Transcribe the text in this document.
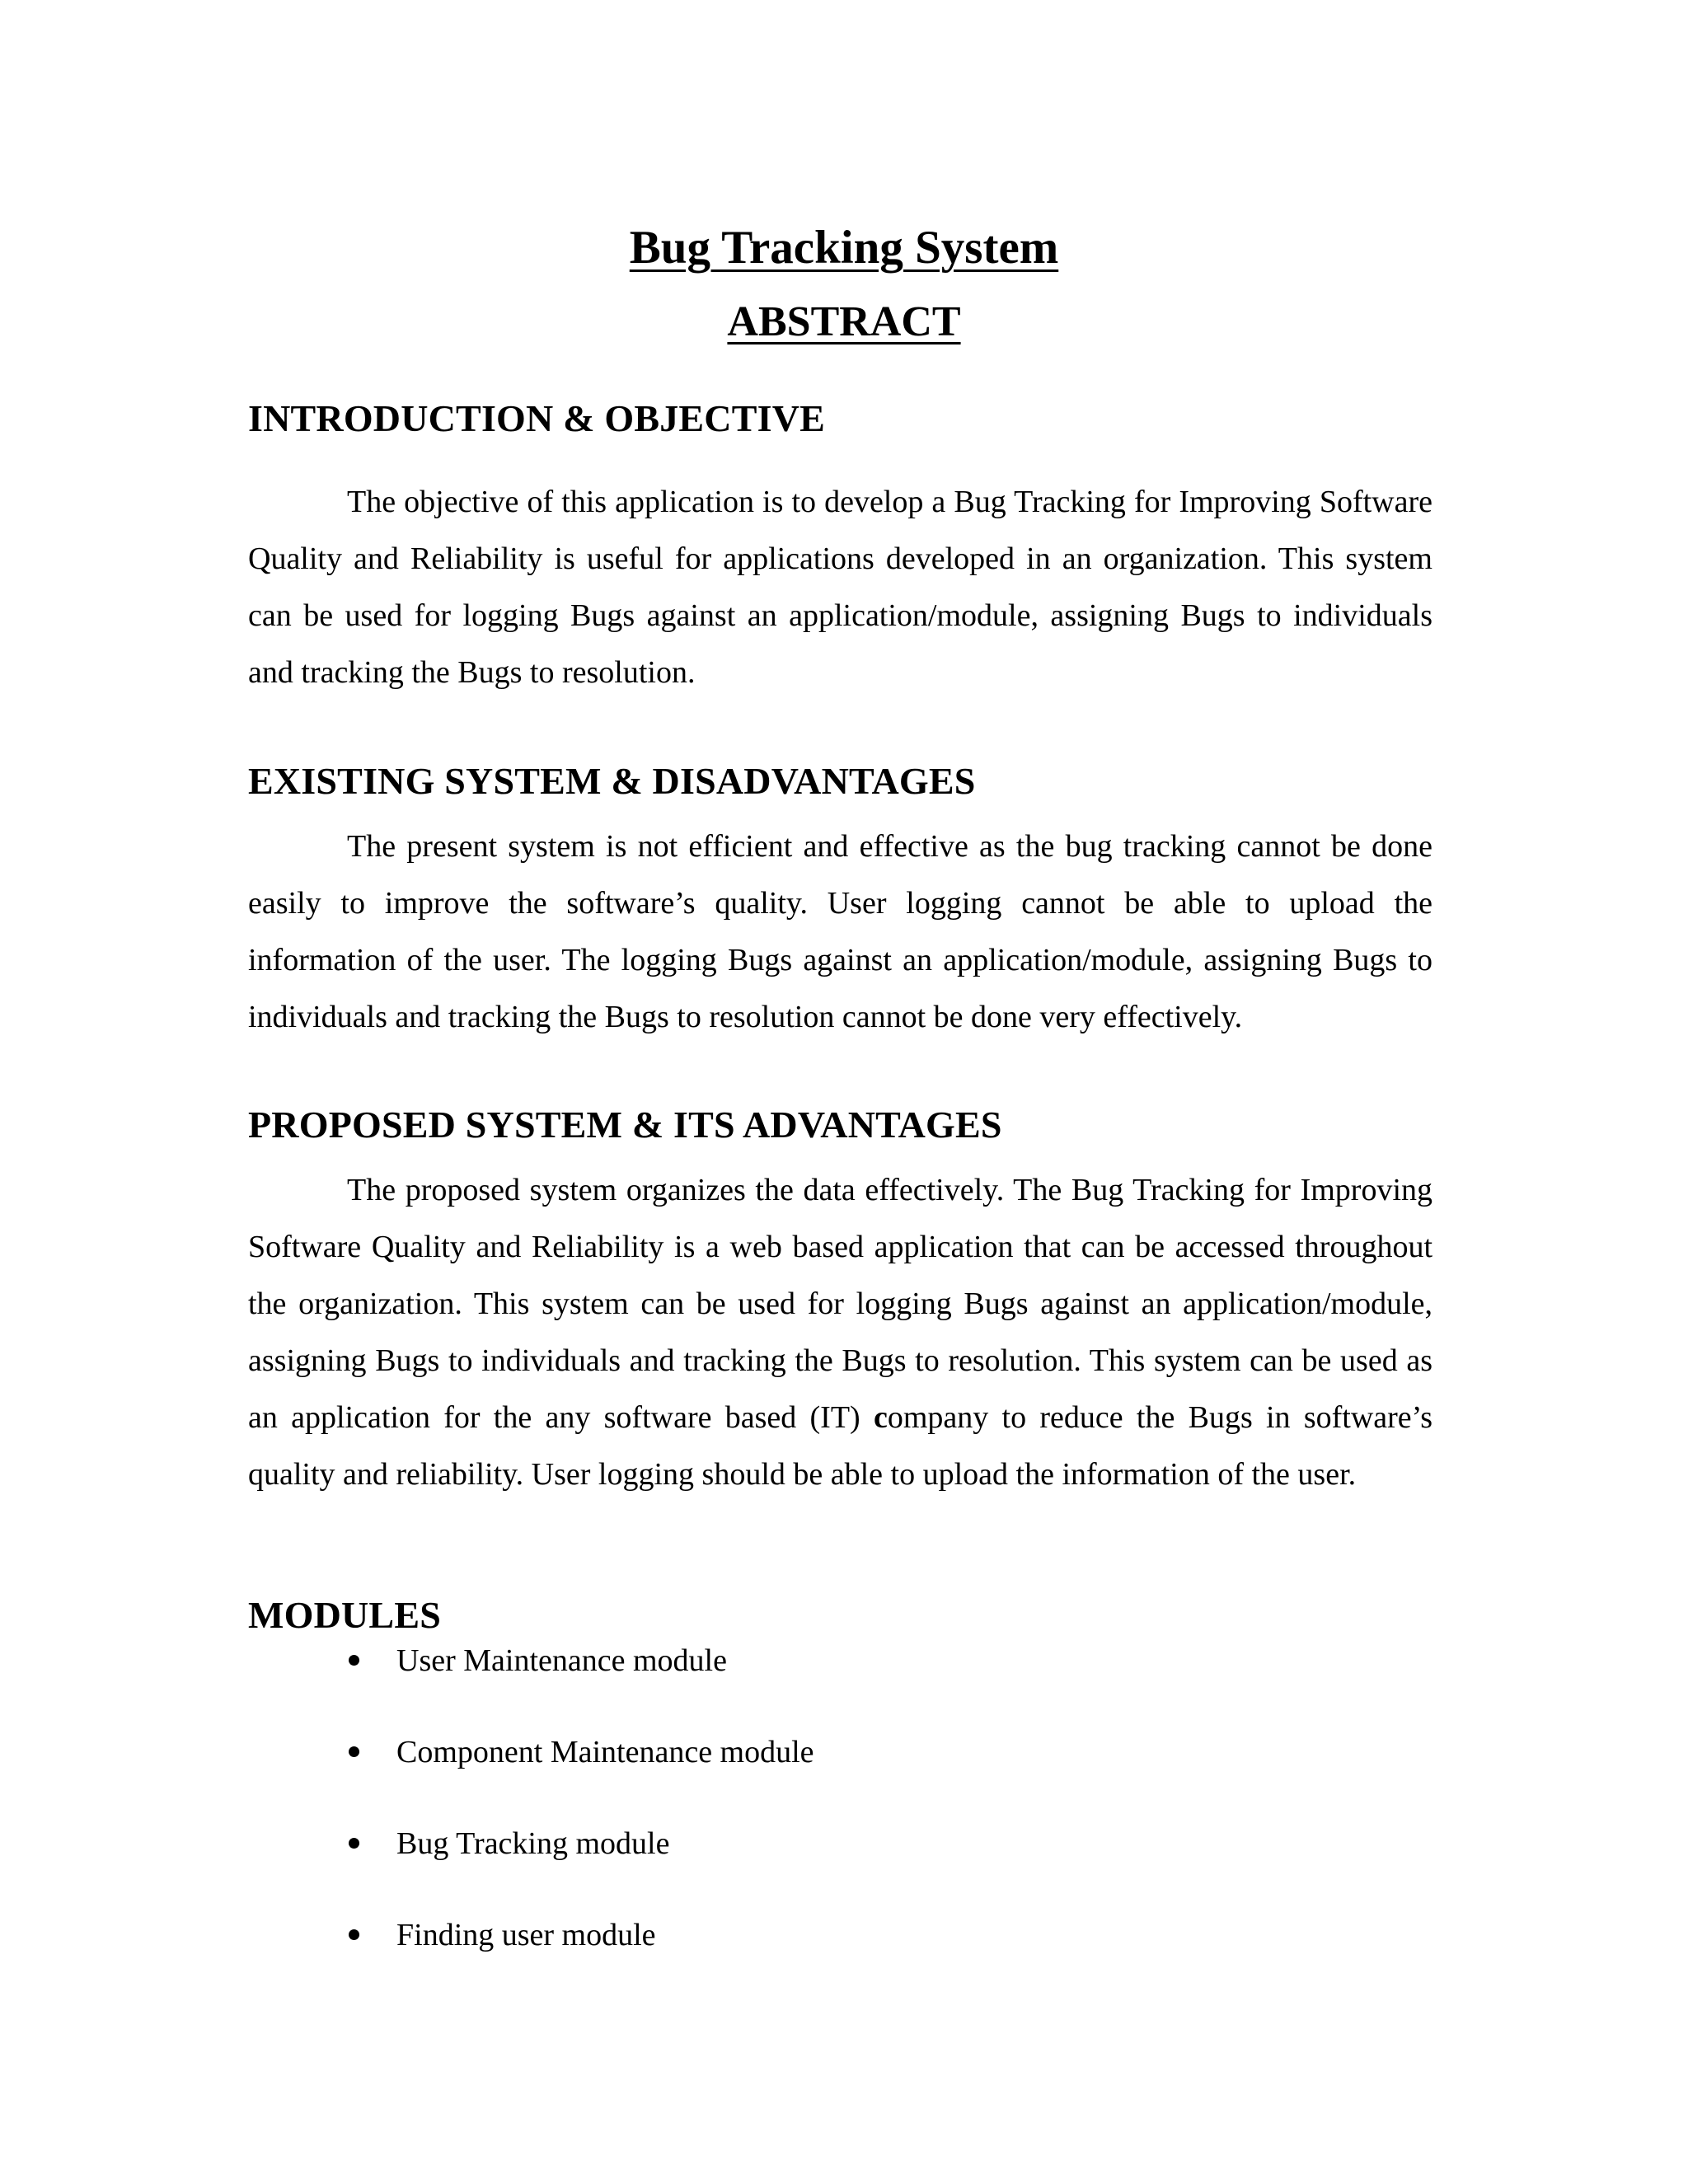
Bug Tracking System
ABSTRACT
INTRODUCTION & OBJECTIVE

The objective of this application is to develop a Bug Tracking for Improving Software Quality and Reliability is useful for applications developed in an organization. This system can be used for logging Bugs against an application/module, assigning Bugs to individuals and tracking the Bugs to resolution.

EXISTING SYSTEM & DISADVANTAGES

The present system is not efficient and effective as the bug tracking cannot be done easily to improve the software’s quality. User logging cannot be able to upload the information of the user. The logging Bugs against an application/module, assigning Bugs to individuals and tracking the Bugs to resolution cannot be done very effectively.

PROPOSED SYSTEM & ITS ADVANTAGES

The proposed system organizes the data effectively. The Bug Tracking for Improving Software Quality and Reliability is a web based application that can be accessed throughout the organization. This system can be used for logging Bugs against an application/module, assigning Bugs to individuals and tracking the Bugs to resolution. This system can be used as an application for the any software based (IT) company to reduce the Bugs in software’s quality and reliability. User logging should be able to upload the information of the user.

MODULES
User Maintenance module
Component Maintenance module
Bug Tracking module
Finding user module
